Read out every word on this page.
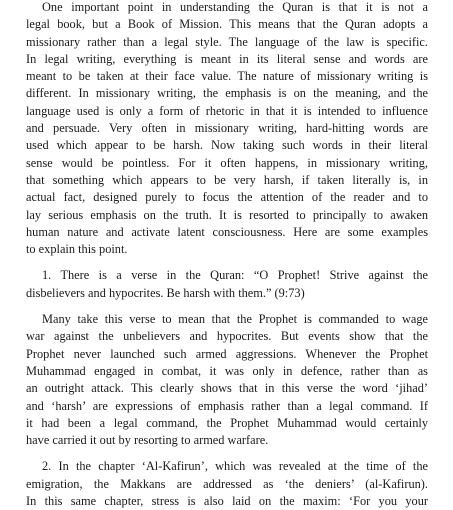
One important point in understanding the Quran is that it is not a
legal book, but a Book of Mission. This means that the Quran adopts a
missionary rather than a legal style. The language of the law is specific.
In legal writing, everything is meant in its literal sense and words are
meant to be taken at their face value. The nature of missionary writing is
different. In missionary writing, the emphasis is on the meaning, and the
language used is only a form of rhetoric in that it is intended to influence
and persuade. Very often in missionary writing, hard-hitting words are
used which appear to be harsh. Now taking such words in their literal
sense would be pointless. For it often happens, in missionary writing,
that something which appears to be very harsh, if taken literally is, in
actual fact, designed purely to focus the attention of the reader and to
lay serious emphasis on the truth. It is resorted to principally to awaken
human nature and activate latent consciousness. Here are some examples
to explain this point.
1. There is a verse in the Quran: “O Prophet! Strive against the
disbelievers and hypocrites. Be harsh with them.” (9:73)
Many take this verse to mean that the Prophet is commanded to wage
war against the unbelievers and hypocrites. But events show that the
Prophet never launched such armed aggressions. Whenever the Prophet
Muhammad engaged in combat, it was only in defence, rather than as
an outright attack. This clearly shows that in this verse the word ‘jihad’
and ‘harsh’ are expressions of emphasis rather than a legal command. If
it had been a legal command, the Prophet Muhammad would certainly
have carried it out by resorting to armed warfare.
2. In the chapter ‘Al-Kafirun’, which was revealed at the time of the
emigration, the Makkans are addressed as ‘the deniers’ (al-Kafirun).
In this same chapter, stress is also laid on the maxim: ‘For you your
